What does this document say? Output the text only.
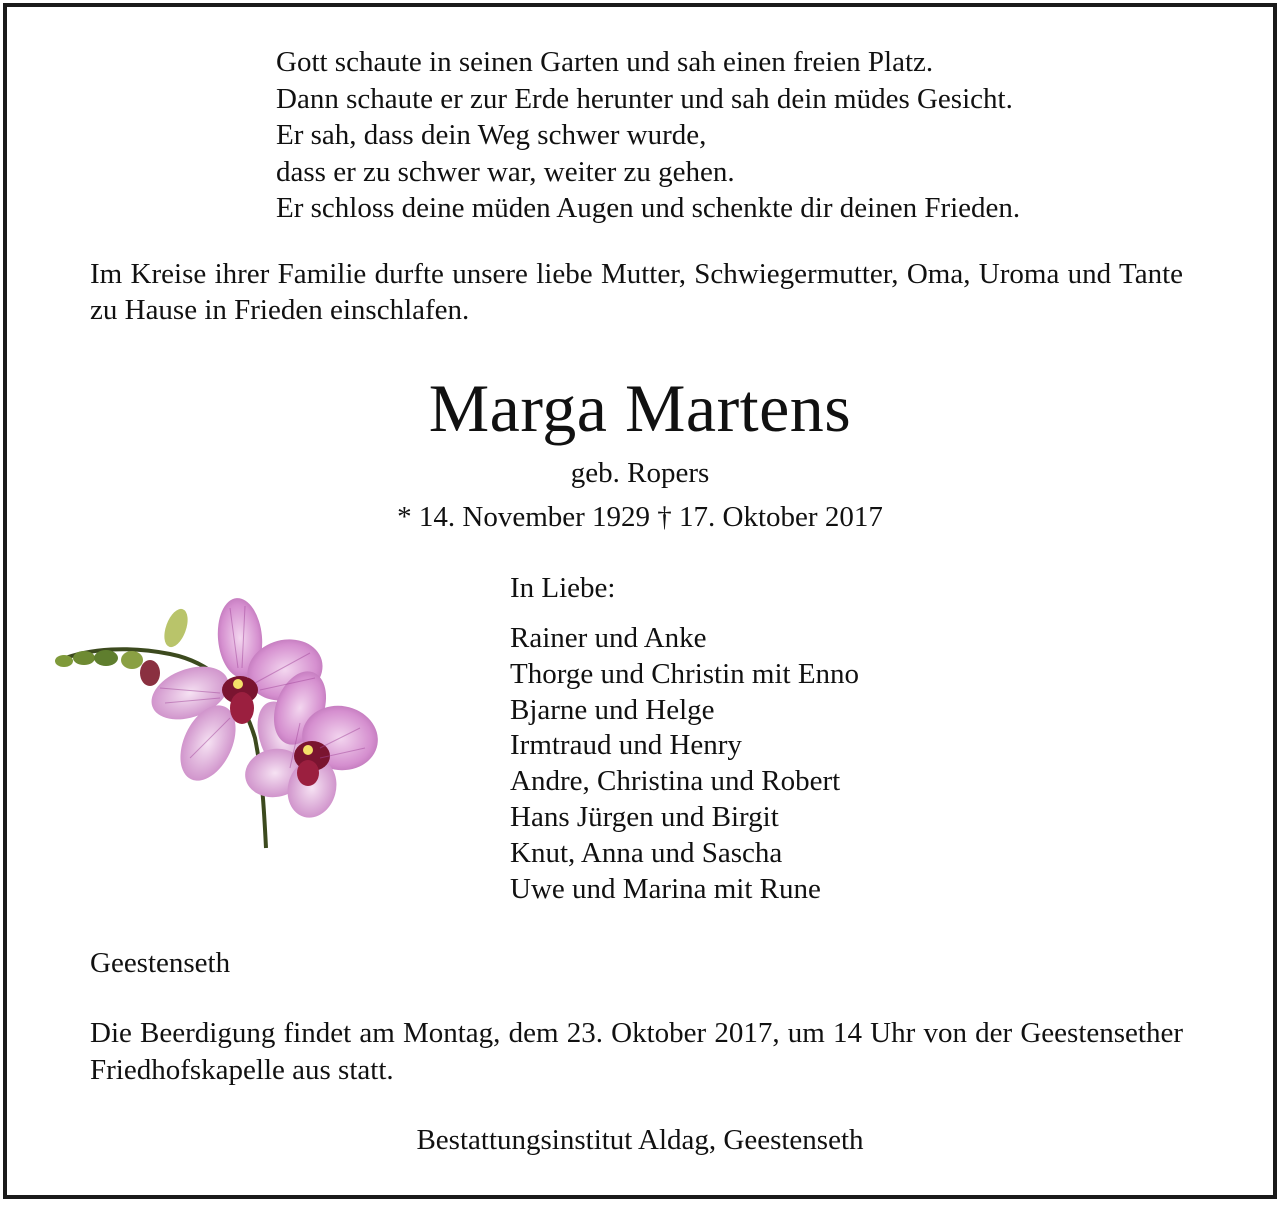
Gott schaute in seinen Garten und sah einen freien Platz.
Dann schaute er zur Erde herunter und sah dein müdes Gesicht.
Er sah, dass dein Weg schwer wurde,
dass er zu schwer war, weiter zu gehen.
Er schloss deine müden Augen und schenkte dir deinen Frieden.
Im Kreise ihrer Familie durfte unsere liebe Mutter, Schwiegermutter, Oma, Uroma und Tante zu Hause in Frieden einschlafen.
Marga Martens
geb. Ropers
* 14. November 1929 † 17. Oktober 2017
In Liebe:
Rainer und Anke
Thorge und Christin mit Enno
Bjarne und Helge
Irmtraud und Henry
Andre, Christina und Robert
Hans Jürgen und Birgit
Knut, Anna und Sascha
Uwe und Marina mit Rune
Geestenseth
Die Beerdigung findet am Montag, dem 23. Oktober 2017, um 14 Uhr von der Geestensether Friedhofskapelle aus statt.
Bestattungsinstitut Aldag, Geestenseth
